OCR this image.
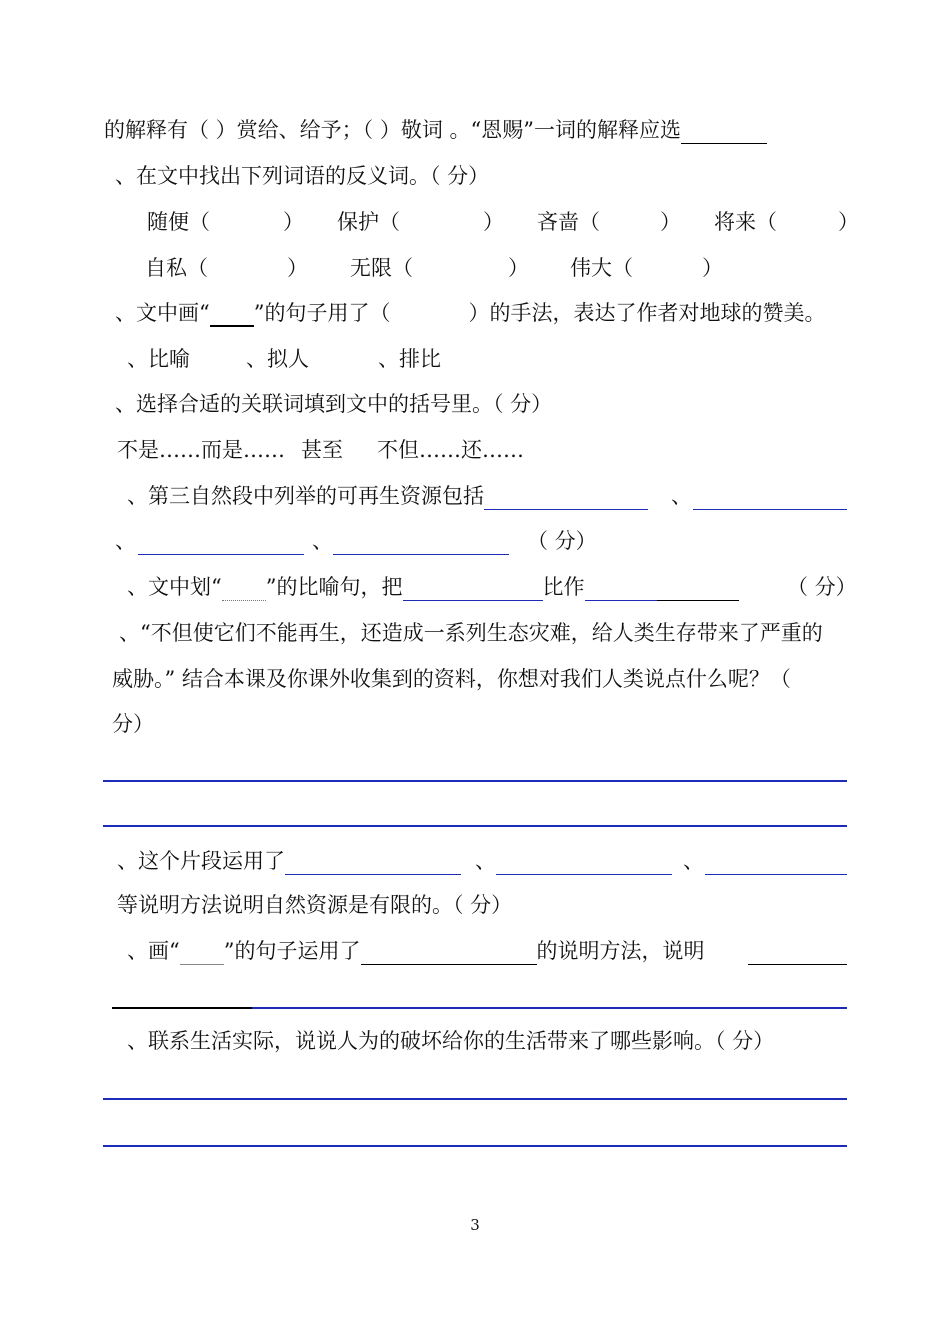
的解释有（ ）赏给、给予；（ ）敬词 。“恩赐”一词的解释应选
、在文中找出下列词语的反义词。（ 分）
随便（	） 保护（	） 吝啬（	） 将来（	）
自私（	） 无限（	） 伟大（	）
、文中画“ ”的句子用了（	）的手法，表达了作者对地球的赞美。
、比喻	、拟人	、排比
、选择合适的关联词填到文中的括号里。（ 分）
不是……而是…… 甚至 不但……还……
、第三自然段中列举的可再生资源包括	、
、	、	（ 分）
、文中划“ ”的比喻句，把	比作	（ 分）
、“不但使它们不能再生，还造成一系列生态灾难，给人类生存带来了严重的
威胁。” 结合本课及你课外收集到的资料，你想对我们人类说点什么呢？（
分）
、这个片段运用了	、	、
等说明方法说明自然资源是有限的。（ 分）
、画“ ”的句子运用了	的说明方法，说明
、联系生活实际，说说人为的破坏给你的生活带来了哪些影响。（ 分）
3
